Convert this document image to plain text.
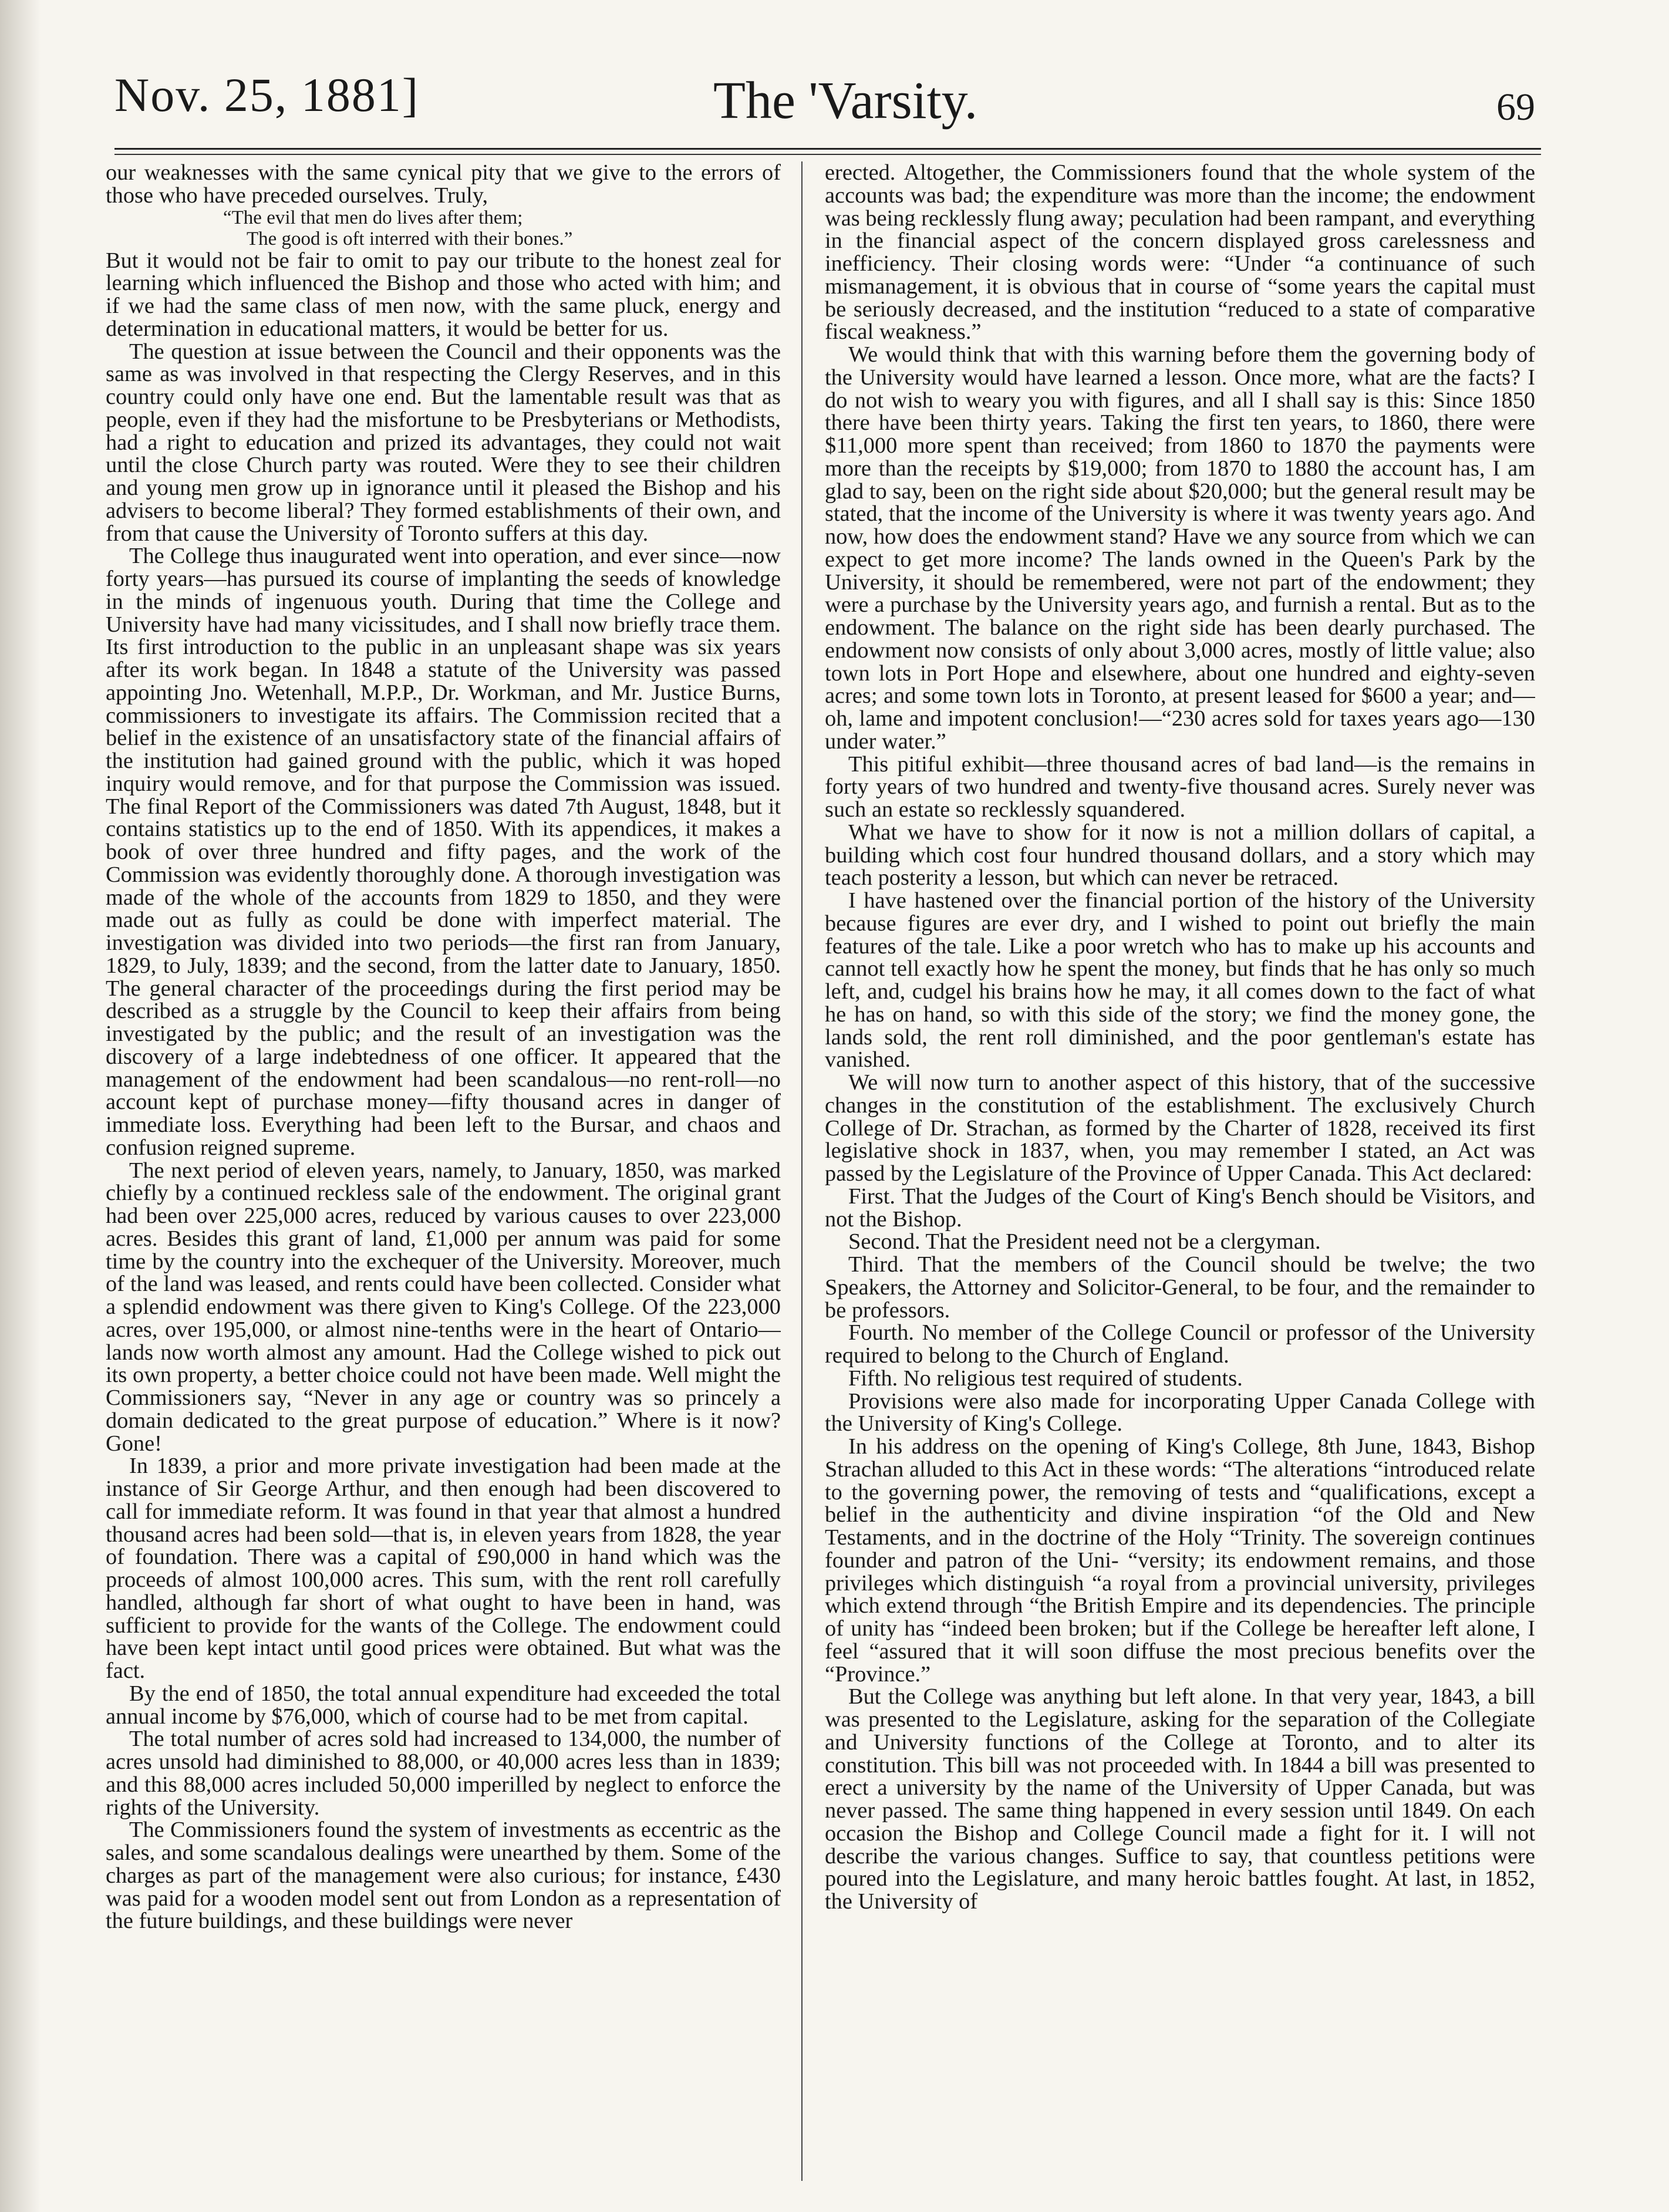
Nov. 25, 1881]	The 'Varsity.	69

our weaknesses with the same cynical pity that we give to the errors of those who have preceded ourselves. Truly,

“The evil that men do lives after them;

The good is oft interred with their bones.”

But it would not be fair to omit to pay our tribute to the honest zeal for learning which influenced the Bishop and those who acted with him; and if we had the same class of men now, with the same pluck, energy and determination in educational matters, it would be better for us.

The question at issue between the Council and their opponents was the same as was involved in that respecting the Clergy Reserves, and in this country could only have one end. But the lamentable result was that as people, even if they had the misfortune to be Presbyterians or Methodists, had a right to education and prized its advantages, they could not wait until the close Church party was routed. Were they to see their children and young men grow up in ignorance until it pleased the Bishop and his advisers to become liberal? They formed establishments of their own, and from that cause the University of Toronto suffers at this day.

The College thus inaugurated went into operation, and ever since—now forty years—has pursued its course of implanting the seeds of knowledge in the minds of ingenuous youth. During that time the College and University have had many vicissitudes, and I shall now briefly trace them. Its first introduction to the public in an unpleasant shape was six years after its work began. In 1848 a statute of the University was passed appointing Jno. Wetenhall, M.P.P., Dr. Workman, and Mr. Justice Burns, commissioners to investigate its affairs. The Commission recited that a belief in the existence of an unsatisfactory state of the financial affairs of the institution had gained ground with the public, which it was hoped inquiry would remove, and for that purpose the Commission was issued. The final Report of the Commissioners was dated 7th August, 1848, but it contains statistics up to the end of 1850. With its appendices, it makes a book of over three hundred and fifty pages, and the work of the Commission was evidently thoroughly done. A thorough investigation was made of the whole of the accounts from 1829 to 1850, and they were made out as fully as could be done with imperfect material. The investigation was divided into two periods—the first ran from January, 1829, to July, 1839; and the second, from the latter date to January, 1850. The general character of the proceedings during the first period may be described as a struggle by the Council to keep their affairs from being investigated by the public; and the result of an investigation was the discovery of a large indebtedness of one officer. It appeared that the management of the endowment had been scandalous—no rent-roll—no account kept of purchase money—fifty thousand acres in danger of immediate loss. Everything had been left to the Bursar, and chaos and confusion reigned supreme.

The next period of eleven years, namely, to January, 1850, was marked chiefly by a continued reckless sale of the endowment. The original grant had been over 225,000 acres, reduced by various causes to over 223,000 acres. Besides this grant of land, £1,000 per annum was paid for some time by the country into the exchequer of the University. Moreover, much of the land was leased, and rents could have been collected. Consider what a splendid endowment was there given to King's College. Of the 223,000 acres, over 195,000, or almost nine-tenths were in the heart of Ontario—lands now worth almost any amount. Had the College wished to pick out its own property, a better choice could not have been made. Well might the Commissioners say, “Never in any age or country was so princely a domain dedicated to the great purpose of education.” Where is it now? Gone!

In 1839, a prior and more private investigation had been made at the instance of Sir George Arthur, and then enough had been discovered to call for immediate reform. It was found in that year that almost a hundred thousand acres had been sold—that is, in eleven years from 1828, the year of foundation. There was a capital of £90,000 in hand which was the proceeds of almost 100,000 acres. This sum, with the rent roll carefully handled, although far short of what ought to have been in hand, was sufficient to provide for the wants of the College. The endowment could have been kept intact until good prices were obtained. But what was the fact.

By the end of 1850, the total annual expenditure had exceeded the total annual income by $76,000, which of course had to be met from capital.

The total number of acres sold had increased to 134,000, the number of acres unsold had diminished to 88,000, or 40,000 acres less than in 1839; and this 88,000 acres included 50,000 imperilled by neglect to enforce the rights of the University.

The Commissioners found the system of investments as eccentric as the sales, and some scandalous dealings were unearthed by them. Some of the charges as part of the management were also curious; for instance, £430 was paid for a wooden model sent out from London as a representation of the future buildings, and these buildings were never

erected. Altogether, the Commissioners found that the whole system of the accounts was bad; the expenditure was more than the income; the endowment was being recklessly flung away; peculation had been rampant, and everything in the financial aspect of the concern displayed gross carelessness and inefficiency. Their closing words were: “Under “a continuance of such mismanagement, it is obvious that in course of “some years the capital must be seriously decreased, and the institution “reduced to a state of comparative fiscal weakness.”

We would think that with this warning before them the governing body of the University would have learned a lesson. Once more, what are the facts? I do not wish to weary you with figures, and all I shall say is this: Since 1850 there have been thirty years. Taking the first ten years, to 1860, there were $11,000 more spent than received; from 1860 to 1870 the payments were more than the receipts by $19,000; from 1870 to 1880 the account has, I am glad to say, been on the right side about $20,000; but the general result may be stated, that the income of the University is where it was twenty years ago. And now, how does the endowment stand? Have we any source from which we can expect to get more income? The lands owned in the Queen's Park by the University, it should be remembered, were not part of the endowment; they were a purchase by the University years ago, and furnish a rental. But as to the endowment. The balance on the right side has been dearly purchased. The endowment now consists of only about 3,000 acres, mostly of little value; also town lots in Port Hope and elsewhere, about one hundred and eighty-seven acres; and some town lots in Toronto, at present leased for $600 a year; and—oh, lame and impotent conclusion!—“230 acres sold for taxes years ago—130 under water.”

This pitiful exhibit—three thousand acres of bad land—is the remains in forty years of two hundred and twenty-five thousand acres. Surely never was such an estate so recklessly squandered.

What we have to show for it now is not a million dollars of capital, a building which cost four hundred thousand dollars, and a story which may teach posterity a lesson, but which can never be retraced.

I have hastened over the financial portion of the history of the University because figures are ever dry, and I wished to point out briefly the main features of the tale. Like a poor wretch who has to make up his accounts and cannot tell exactly how he spent the money, but finds that he has only so much left, and, cudgel his brains how he may, it all comes down to the fact of what he has on hand, so with this side of the story; we find the money gone, the lands sold, the rent roll diminished, and the poor gentleman's estate has vanished.

We will now turn to another aspect of this history, that of the successive changes in the constitution of the establishment. The exclusively Church College of Dr. Strachan, as formed by the Charter of 1828, received its first legislative shock in 1837, when, you may remember I stated, an Act was passed by the Legislature of the Province of Upper Canada. This Act declared:

First. That the Judges of the Court of King's Bench should be Visitors, and not the Bishop.

Second. That the President need not be a clergyman.

Third. That the members of the Council should be twelve; the two Speakers, the Attorney and Solicitor-General, to be four, and the remainder to be professors.

Fourth. No member of the College Council or professor of the University required to belong to the Church of England.

Fifth. No religious test required of students.

Provisions were also made for incorporating Upper Canada College with the University of King's College.

In his address on the opening of King's College, 8th June, 1843, Bishop Strachan alluded to this Act in these words: “The alterations “introduced relate to the governing power, the removing of tests and “qualifications, except a belief in the authenticity and divine inspiration “of the Old and New Testaments, and in the doctrine of the Holy “Trinity. The sovereign continues founder and patron of the Uni- “versity; its endowment remains, and those privileges which distinguish “a royal from a provincial university, privileges which extend through “the British Empire and its dependencies. The principle of unity has “indeed been broken; but if the College be hereafter left alone, I feel “assured that it will soon diffuse the most precious benefits over the “Province.”

But the College was anything but left alone. In that very year, 1843, a bill was presented to the Legislature, asking for the separation of the Collegiate and University functions of the College at Toronto, and to alter its constitution. This bill was not proceeded with. In 1844 a bill was presented to erect a university by the name of the University of Upper Canada, but was never passed. The same thing happened in every session until 1849. On each occasion the Bishop and College Council made a fight for it. I will not describe the various changes. Suffice to say, that countless petitions were poured into the Legislature, and many heroic battles fought. At last, in 1852, the University of
